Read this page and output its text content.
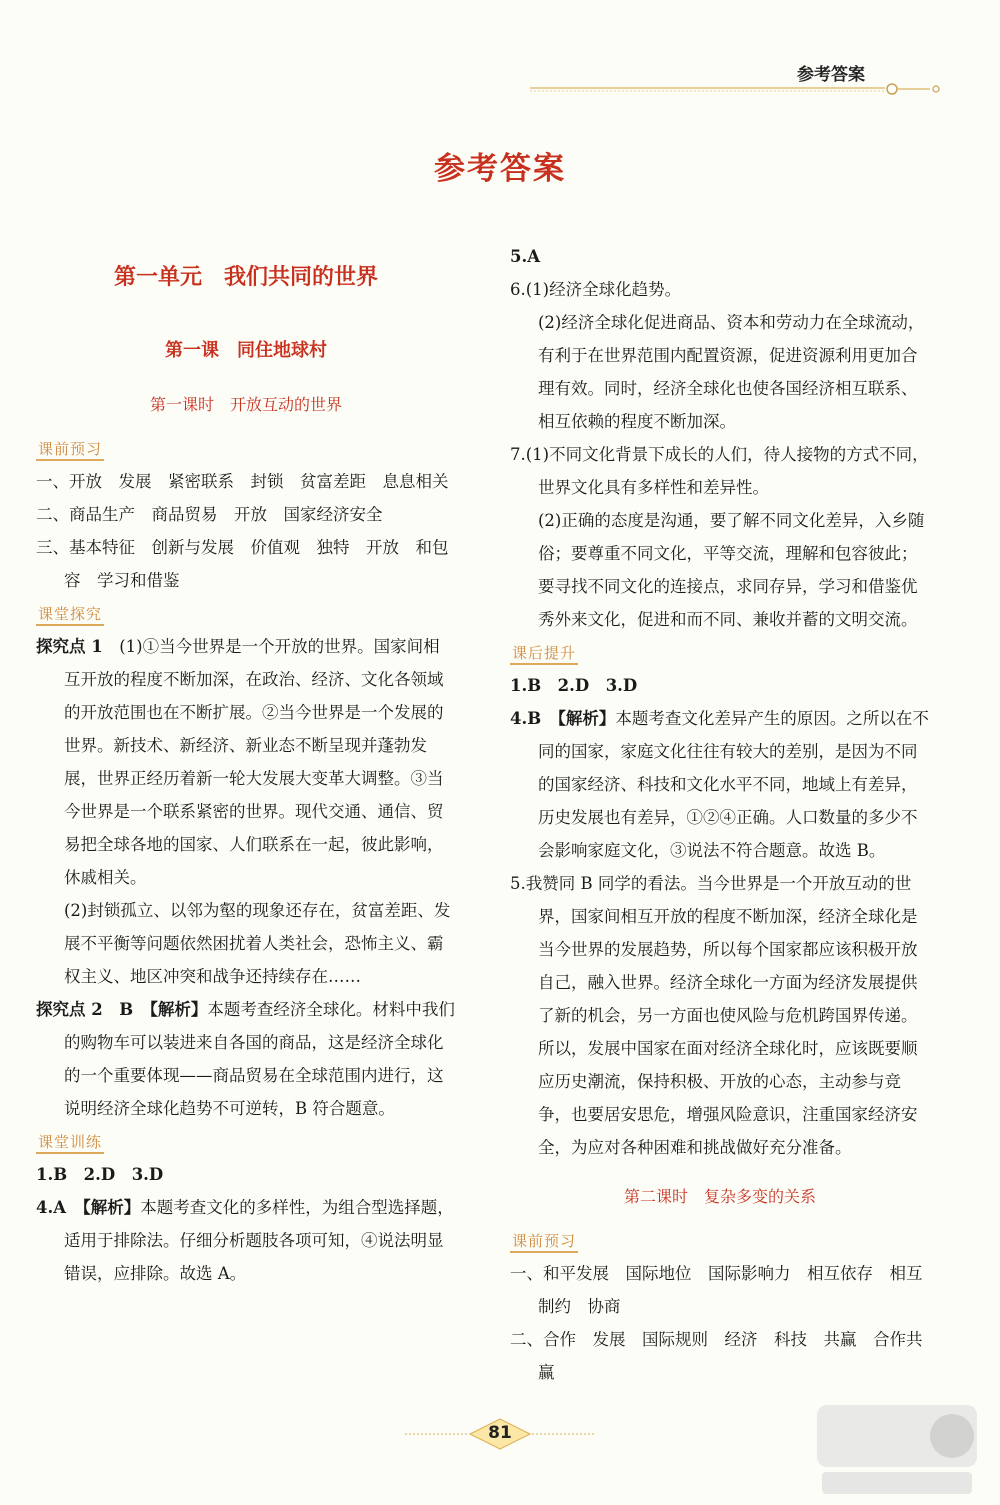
参考答案
参考答案
第一单元　我们共同的世界
第一课　同住地球村
第一课时　开放互动的世界
课前预习

一、开放　发展　紧密联系　封锁　贫富差距　息息相关

二、商品生产　商品贸易　开放　国家经济安全

三、基本特征　创新与发展　价值观　独特　开放　和包容　学习和借鉴

课堂探究

探究点 1　 (1)①当今世界是一个开放的世界。国家间相互开放的程度不断加深，在政治、经济、文化各领域的开放范围也在不断扩展。②当今世界是一个发展的世界。新技术、新经济、新业态不断呈现并蓬勃发展，世界正经历着新一轮大发展大变革大调整。③当今世界是一个联系紧密的世界。现代交通、通信、贸易把全球各地的国家、人们联系在一起，彼此影响，休戚相关。

(2)封锁孤立、以邻为壑的现象还存在，贫富差距、发展不平衡等问题依然困扰着人类社会，恐怖主义、霸权主义、地区冲突和战争还持续存在……

探究点 2　B　 【解析】本题考查经济全球化。材料中我们的购物车可以装进来自各国的商品，这是经济全球化的一个重要体现——商品贸易在全球范围内进行，这说明经济全球化趋势不可逆转，B 符合题意。

课堂训练

1.B　2.D　3.D

4.A　 【解析】本题考查文化的多样性，为组合型选择题，适用于排除法。仔细分析题肢各项可知，④说法明显错误，应排除。故选 A。

5.A

6.(1)经济全球化趋势。

(2)经济全球化促进商品、资本和劳动力在全球流动，有利于在世界范围内配置资源，促进资源利用更加合理有效。同时，经济全球化也使各国经济相互联系、相互依赖的程度不断加深。

7.(1)不同文化背景下成长的人们，待人接物的方式不同，世界文化具有多样性和差异性。

(2)正确的态度是沟通，要了解不同文化差异，入乡随俗；要尊重不同文化，平等交流，理解和包容彼此；要寻找不同文化的连接点，求同存异，学习和借鉴优秀外来文化，促进和而不同、兼收并蓄的文明交流。

课后提升

1.B　2.D　3.D

4.B　 【解析】本题考查文化差异产生的原因。之所以在不同的国家，家庭文化往往有较大的差别，是因为不同的国家经济、科技和文化水平不同，地域上有差异，历史发展也有差异，①②④正确。人口数量的多少不会影响家庭文化，③说法不符合题意。故选 B。

5.我赞同 B 同学的看法。当今世界是一个开放互动的世界，国家间相互开放的程度不断加深，经济全球化是当今世界的发展趋势，所以每个国家都应该积极开放自己，融入世界。经济全球化一方面为经济发展提供了新的机会，另一方面也使风险与危机跨国界传递。所以，发展中国家在面对经济全球化时，应该既要顺应历史潮流，保持积极、开放的心态，主动参与竞争，也要居安思危，增强风险意识，注重国家经济安全，为应对各种困难和挑战做好充分准备。

第二课时　复杂多变的关系
课前预习

一、和平发展　国际地位　国际影响力　相互依存　相互制约　协商

二、合作　发展　国际规则　经济　科技　共赢　合作共赢

81
